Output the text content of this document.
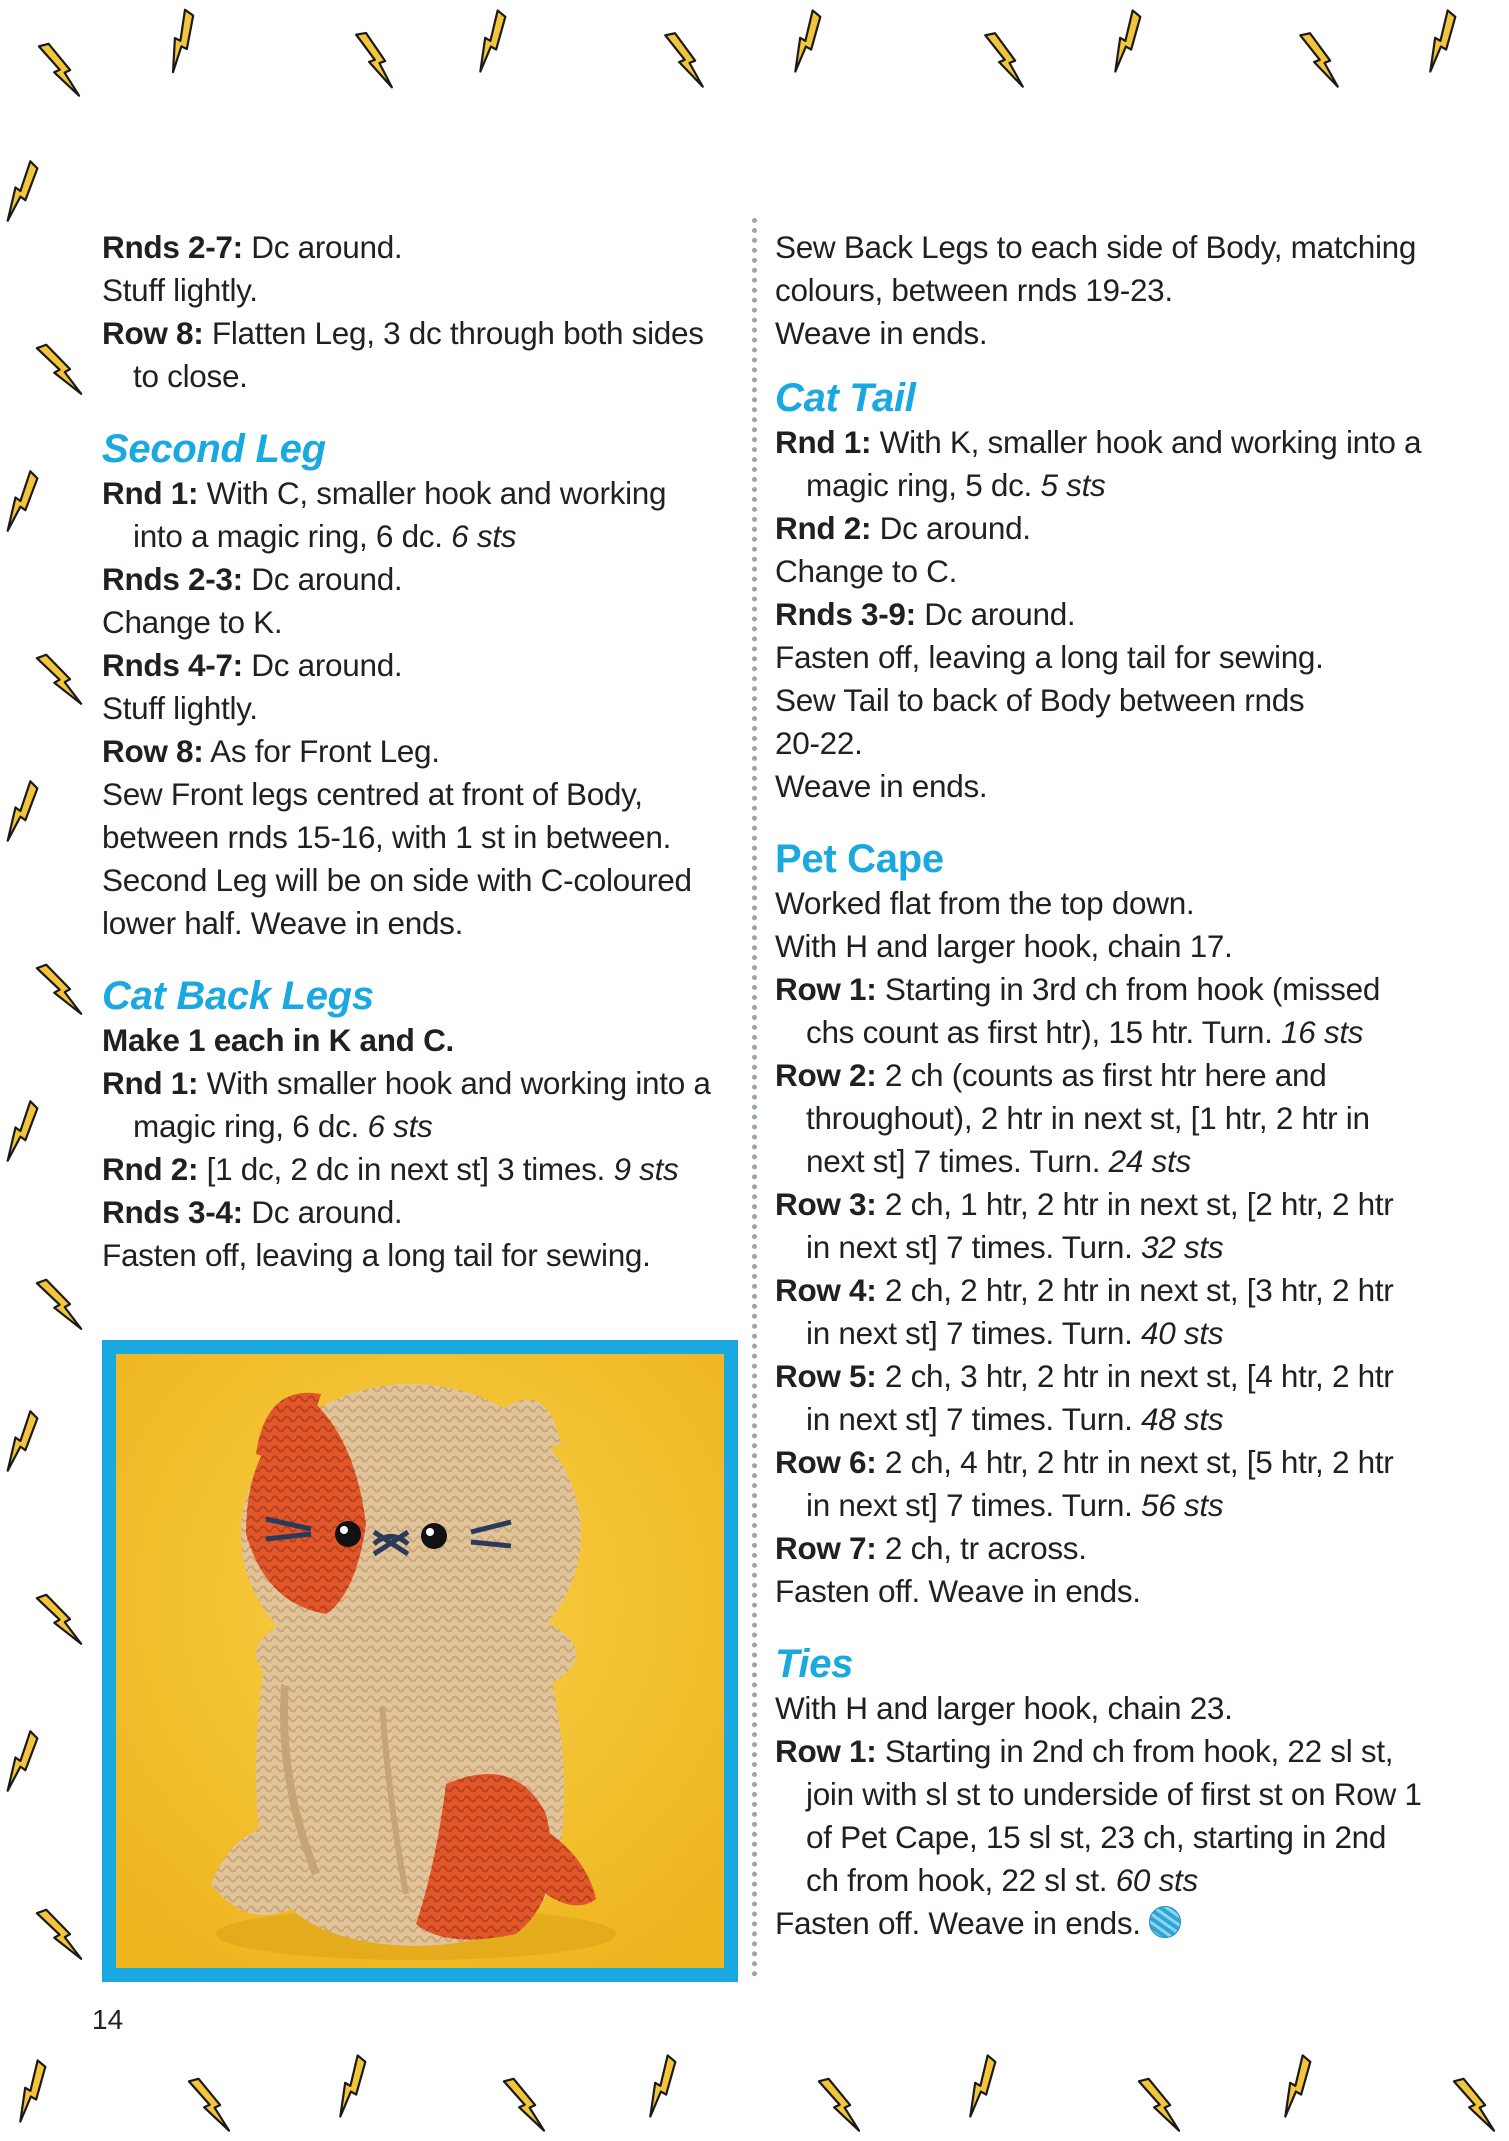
Rnds 2-7: Dc around.

Stuff lightly.

Row 8: Flatten Leg, 3 dc through both sides to close.

Second Leg

Rnd 1: With C, smaller hook and working into a magic ring, 6 dc. 6 sts

Rnds 2-3: Dc around.

Change to K.

Rnds 4-7: Dc around.

Stuff lightly.

Row 8: As for Front Leg.

Sew Front legs centred at front of Body, between rnds 15-16, with 1 st in between. Second Leg will be on side with C-coloured lower half. Weave in ends.

Cat Back Legs

Make 1 each in K and C.

Rnd 1: With smaller hook and working into a magic ring, 6 dc. 6 sts

Rnd 2: [1 dc, 2 dc in next st] 3 times. 9 sts

Rnds 3-4: Dc around.

Fasten off, leaving a long tail for sewing.

Sew Back Legs to each side of Body, matching colours, between rnds 19-23.

Weave in ends.

Cat Tail

Rnd 1: With K, smaller hook and working into a magic ring, 5 dc. 5 sts

Rnd 2: Dc around.

Change to C.

Rnds 3-9: Dc around.

Fasten off, leaving a long tail for sewing.

Sew Tail to back of Body between rnds 20-22.

Weave in ends.

Pet Cape

Worked flat from the top down.

With H and larger hook, chain 17.

Row 1: Starting in 3rd ch from hook (missed chs count as first htr), 15 htr. Turn. 16 sts

Row 2: 2 ch (counts as first htr here and throughout), 2 htr in next st, [1 htr, 2 htr in next st] 7 times. Turn. 24 sts

Row 3: 2 ch, 1 htr, 2 htr in next st, [2 htr, 2 htr in next st] 7 times. Turn. 32 sts

Row 4: 2 ch, 2 htr, 2 htr in next st, [3 htr, 2 htr in next st] 7 times. Turn. 40 sts

Row 5: 2 ch, 3 htr, 2 htr in next st, [4 htr, 2 htr in next st] 7 times. Turn. 48 sts

Row 6: 2 ch, 4 htr, 2 htr in next st, [5 htr, 2 htr in next st] 7 times. Turn. 56 sts

Row 7: 2 ch, tr across.

Fasten off. Weave in ends.

Ties

With H and larger hook, chain 23.

Row 1: Starting in 2nd ch from hook, 22 sl st, join with sl st to underside of first st on Row 1 of Pet Cape, 15 sl st, 23 ch, starting in 2nd ch from hook, 22 sl st. 60 sts

Fasten off. Weave in ends.

14
